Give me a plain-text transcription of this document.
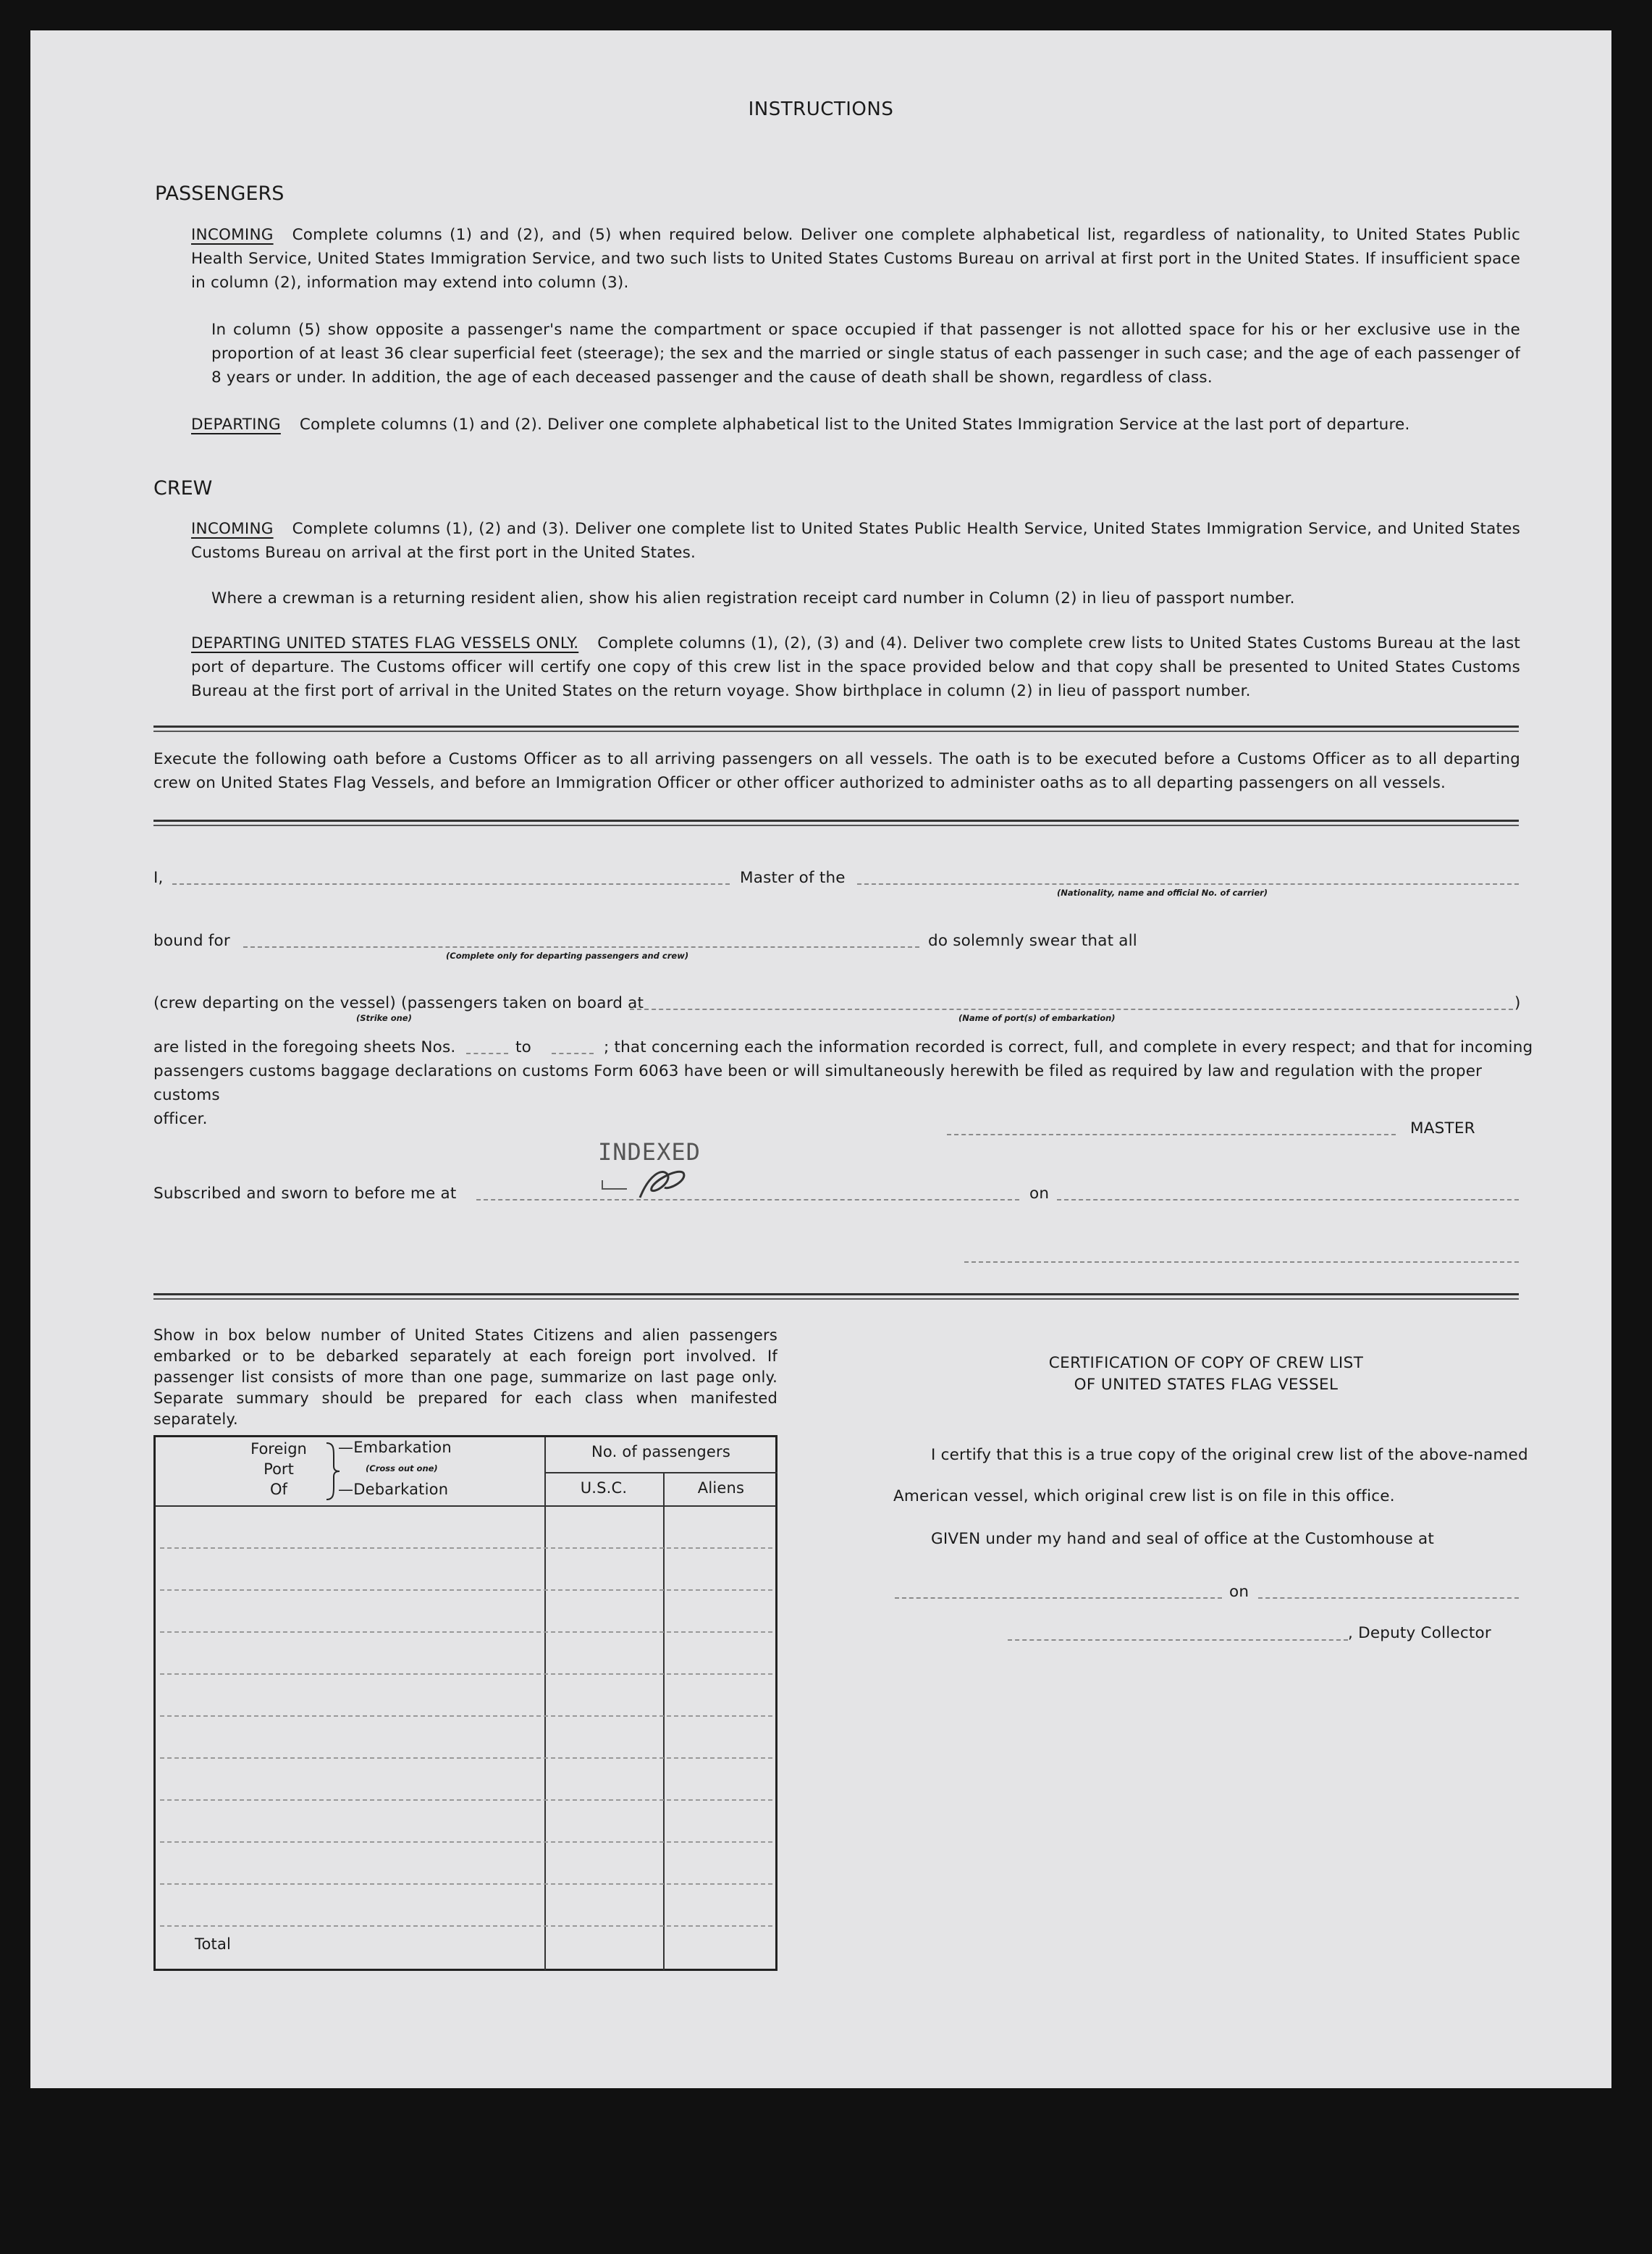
INSTRUCTIONS
PASSENGERS
INCOMING Complete columns (1) and (2), and (5) when required below. Deliver one complete alphabetical list, regardless of nationality, to United States Public Health Service, United States Immigration Service, and two such lists to United States Customs Bureau on arrival at first port in the United States. If insufficient space in column (2), information may extend into column (3).
In column (5) show opposite a passenger's name the compartment or space occupied if that passenger is not allotted space for his or her exclusive use in the proportion of at least 36 clear superficial feet (steerage); the sex and the married or single status of each passenger in such case; and the age of each passenger of 8 years or under. In addition, the age of each deceased passenger and the cause of death shall be shown, regardless of class.
DEPARTING Complete columns (1) and (2). Deliver one complete alphabetical list to the United States Immigration Service at the last port of departure.
CREW
INCOMING Complete columns (1), (2) and (3). Deliver one complete list to United States Public Health Service, United States Immigration Service, and United States Customs Bureau on arrival at the first port in the United States.
Where a crewman is a returning resident alien, show his alien registration receipt card number in Column (2) in lieu of passport number.
DEPARTING UNITED STATES FLAG VESSELS ONLY. Complete columns (1), (2), (3) and (4). Deliver two complete crew lists to United States Customs Bureau at the last port of departure. The Customs officer will certify one copy of this crew list in the space provided below and that copy shall be presented to United States Customs Bureau at the first port of arrival in the United States on the return voyage. Show birthplace in column (2) in lieu of passport number.
Execute the following oath before a Customs Officer as to all arriving passengers on all vessels. The oath is to be executed before a Customs Officer as to all departing crew on United States Flag Vessels, and before an Immigration Officer or other officer authorized to administer oaths as to all departing passengers on all vessels.
I,	Master of the
(Nationality, name and official No. of carrier)
bound for
(Complete only for departing passengers and crew)
do solemnly swear that all
(crew departing on the vessel) (passengers taken on board at
(Strike one)	(Name of port(s) of embarkation)
)
are listed in the foregoing sheets Nos.	to	; that concerning each the information recorded is correct, full, and complete in every respect; and that for incoming
passengers customs baggage declarations on customs Form 6063 have been or will simultaneously herewith be filed as required by law and regulation with the proper customs
officer.
MASTER
INDEXED
Subscribed and sworn to before me at	on
Show in box below number of United States Citizens and alien passengers embarked or to be debarked separately at each foreign port involved. If passenger list consists of more than one page, summarize on last page only. Separate summary should be prepared for each class when manifested separately.
Foreign
Port
Of
—Embarkation
(Cross out one)
—Debarkation
No. of passengers
U.S.C.	Aliens
Total
CERTIFICATION OF COPY OF CREW LIST
OF UNITED STATES FLAG VESSEL
I certify that this is a true copy of the original crew list of the above-named
American vessel, which original crew list is on file in this office.
GIVEN under my hand and seal of office at the Customhouse at
on
, Deputy Collector
